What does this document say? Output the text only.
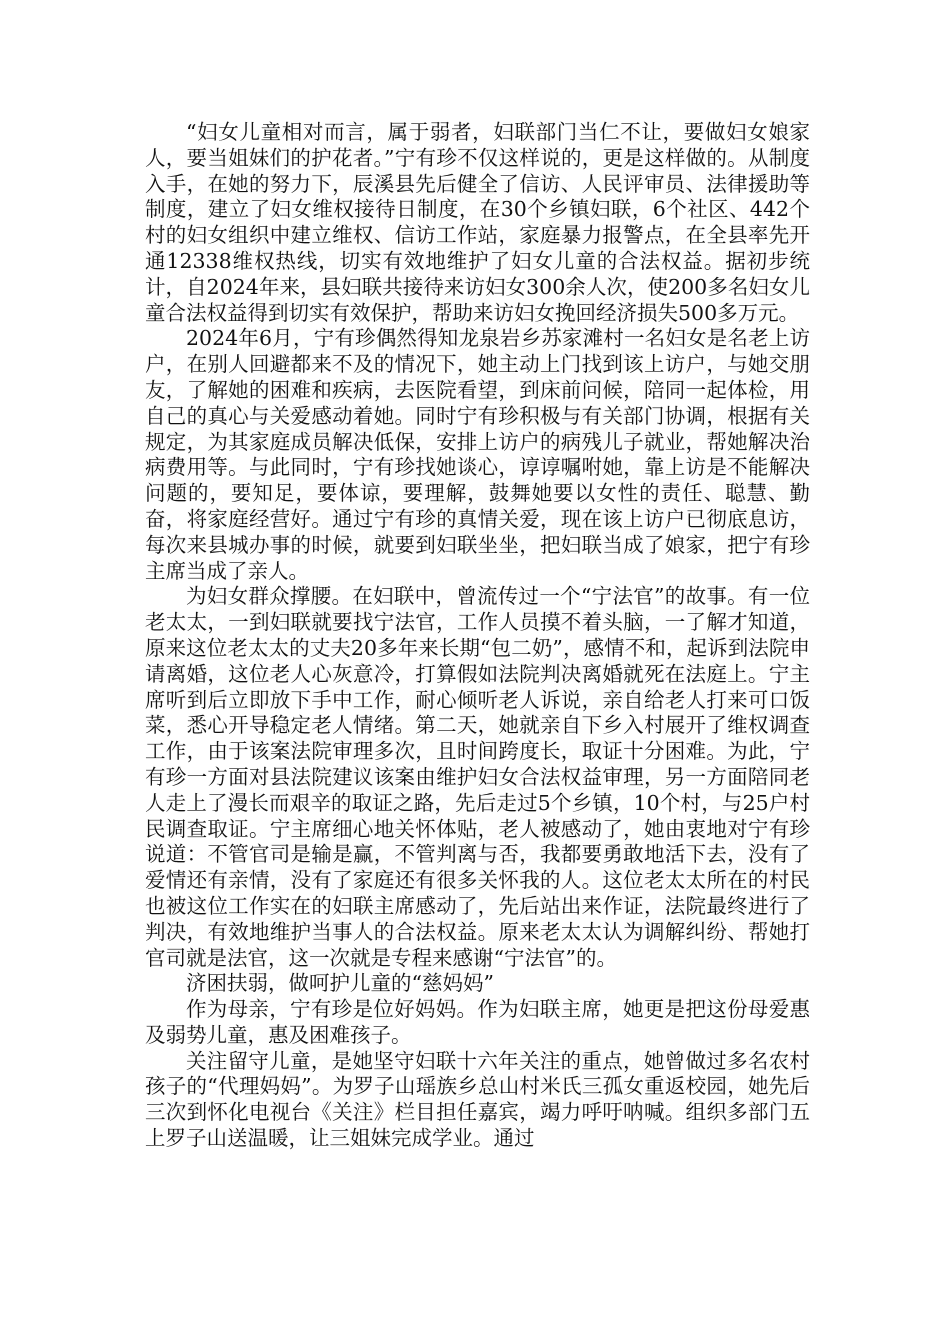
“妇女儿童相对而言，属于弱者，妇联部门当仁不让，要做妇女娘家人，要当姐妹们的护花者。”宁有珍不仅这样说的，更是这样做的。从制度入手，在她的努力下，辰溪县先后健全了信访、人民评审员、法律援助等制度，建立了妇女维权接待日制度，在30个乡镇妇联，6个社区、442个村的妇女组织中建立维权、信访工作站，家庭暴力报警点，在全县率先开通12338维权热线，切实有效地维护了妇女儿童的合法权益。据初步统计，自2024年来，县妇联共接待来访妇女300余人次，使200多名妇女儿童合法权益得到切实有效保护，帮助来访妇女挽回经济损失500多万元。

2024年6月，宁有珍偶然得知龙泉岩乡苏家滩村一名妇女是名老上访户，在别人回避都来不及的情况下，她主动上门找到该上访户，与她交朋友，了解她的困难和疾病，去医院看望，到床前问候，陪同一起体检，用自己的真心与关爱感动着她。同时宁有珍积极与有关部门协调，根据有关规定，为其家庭成员解决低保，安排上访户的病残儿子就业，帮她解决治病费用等。与此同时，宁有珍找她谈心，谆谆嘱咐她，靠上访是不能解决问题的，要知足，要体谅，要理解，鼓舞她要以女性的责任、聪慧、勤奋，将家庭经营好。通过宁有珍的真情关爱，现在该上访户已彻底息访，每次来县城办事的时候，就要到妇联坐坐，把妇联当成了娘家，把宁有珍主席当成了亲人。

为妇女群众撑腰。在妇联中，曾流传过一个“宁法官”的故事。有一位老太太，一到妇联就要找宁法官，工作人员摸不着头脑，一了解才知道，原来这位老太太的丈夫20多年来长期“包二奶”，感情不和，起诉到法院申请离婚，这位老人心灰意冷，打算假如法院判决离婚就死在法庭上。宁主席听到后立即放下手中工作，耐心倾听老人诉说，亲自给老人打来可口饭菜，悉心开导稳定老人情绪。第二天，她就亲自下乡入村展开了维权调查工作，由于该案法院审理多次，且时间跨度长，取证十分困难。为此，宁有珍一方面对县法院建议该案由维护妇女合法权益审理，另一方面陪同老人走上了漫长而艰辛的取证之路，先后走过5个乡镇，10个村，与25户村民调查取证。宁主席细心地关怀体贴，老人被感动了，她由衷地对宁有珍说道：不管官司是输是赢，不管判离与否，我都要勇敢地活下去，没有了爱情还有亲情，没有了家庭还有很多关怀我的人。这位老太太所在的村民也被这位工作实在的妇联主席感动了，先后站出来作证，法院最终进行了判决，有效地维护当事人的合法权益。原来老太太认为调解纠纷、帮她打官司就是法官，这一次就是专程来感谢“宁法官”的。

济困扶弱，做呵护儿童的“慈妈妈”

作为母亲，宁有珍是位好妈妈。作为妇联主席，她更是把这份母爱惠及弱势儿童，惠及困难孩子。

关注留守儿童，是她坚守妇联十六年关注的重点，她曾做过多名农村孩子的“代理妈妈”。为罗子山瑶族乡总山村米氏三孤女重返校园，她先后三次到怀化电视台《关注》栏目担任嘉宾，竭力呼吁呐喊。组织多部门五上罗子山送温暖，让三姐妹完成学业。通过
